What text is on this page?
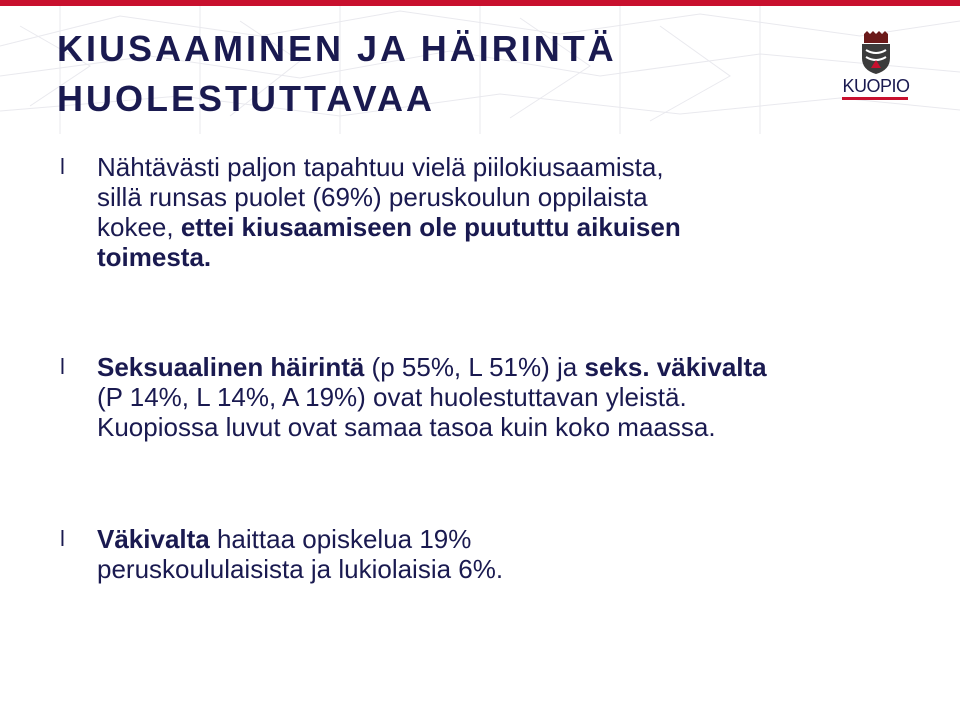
KIUSAAMINEN JA HÄIRINTÄ
HUOLESTUTTAVAA	KUOPIO
l Nähtävästi paljon tapahtuu vielä piilokiusaamista, sillä runsas puolet (69%) peruskoulun oppilaista kokee, ettei kiusaamiseen ole puututtu aikuisen toimesta.

l Seksuaalinen häirintä (p 55%, L 51%) ja seks. väkivalta (P 14%, L 14%, A 19%) ovat huolestuttavan yleistä. Kuopiossa luvut ovat samaa tasoa kuin koko maassa.

l Väkivalta haittaa opiskelua 19% peruskoululaisista ja lukiolaisia 6%.
